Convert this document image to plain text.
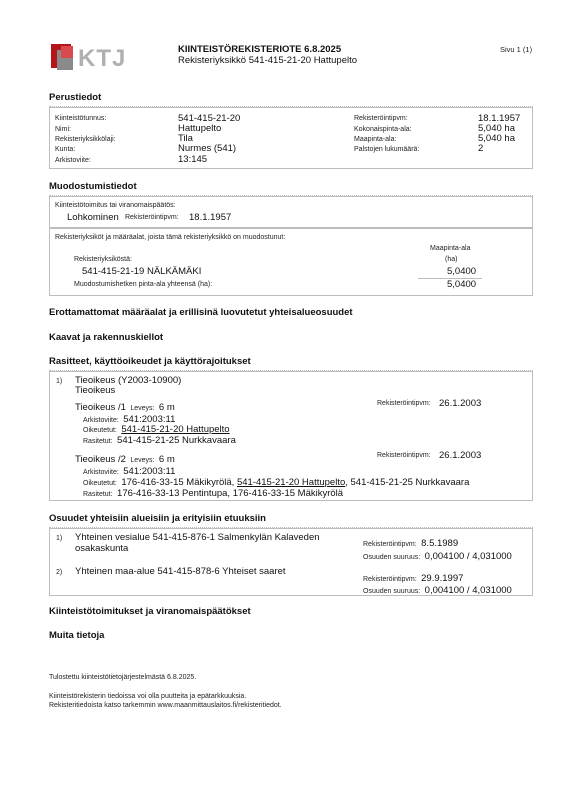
KTJ	KIINTEISTÖREKISTERIOTE 6.8.2025
Rekisteriyksikkö 541-415-21-20 Hattupelto
Sivu 1 (1)
Perustiedot
Kiinteistötunnus:	541-415-21-20
Nimi:	Hattupelto
Rekisteriyksikkölaji:	Tila
Kunta:	Nurmes (541)
Arkistoviite:	13:145
Rekisteröintipvm:	18.1.1957
Kokonaispinta-ala:	5,040 ha
Maapinta-ala:	5,040 ha
Palstojen lukumäärä:	2
Muodostumistiedot
Kiinteistötoimitus tai viranomaispäätös:
Lohkominen Rekisteröintipvm: 18.1.1957
Rekisteriyksiköt ja määräalat, joista tämä rekisteriyksikkö on muodostunut:
Maapinta-ala
(ha)
Rekisteriyksiköstä:
541-415-21-19 NÄLKÄMÄKI	5,0400
Muodostumishetken pinta-ala yhteensä (ha):	5,0400
Erottamattomat määräalat ja erillisinä luovutetut yhteisalueosuudet
Kaavat ja rakennuskiellot
Rasitteet, käyttöoikeudet ja käyttörajoitukset
1) Tieoikeus (Y2003-10900)
Tieoikeus
Tieoikeus /1 Leveys: 6 m	Rekisteröintipvm: 26.1.2003
Arkistoviite: 541:2003:11
Oikeutetut: 541-415-21-20 Hattupelto
Rasitetut: 541-415-21-25 Nurkkavaara
Tieoikeus /2 Leveys: 6 m	Rekisteröintipvm: 26.1.2003
Arkistoviite: 541:2003:11
Oikeutetut: 176-416-33-15 Mäkikyrölä, 541-415-21-20 Hattupelto, 541-415-21-25 Nurkkavaara
Rasitetut: 176-416-33-13 Pentintupa, 176-416-33-15 Mäkikyrölä
Osuudet yhteisiin alueisiin ja erityisiin etuuksiin
1) Yhteinen vesialue 541-415-876-1 Salmenkylän Kalaveden
osakaskunta	Rekisteröintipvm: 8.5.1989
Osuuden suuruus: 0,004100 / 4,031000
2) Yhteinen maa-alue 541-415-878-6 Yhteiset saaret
Rekisteröintipvm: 29.9.1997
Osuuden suuruus: 0,004100 / 4,031000
Kiinteistötoimitukset ja viranomaispäätökset
Muita tietoja
Tulostettu kiinteistötietojärjestelmästä 6.8.2025.
Kiinteistörekisterin tiedoissa voi olla puutteita ja epätarkkuuksia.
Rekisteritiedoista katso tarkemmin www.maanmittauslaitos.fi/rekisteritiedot.
